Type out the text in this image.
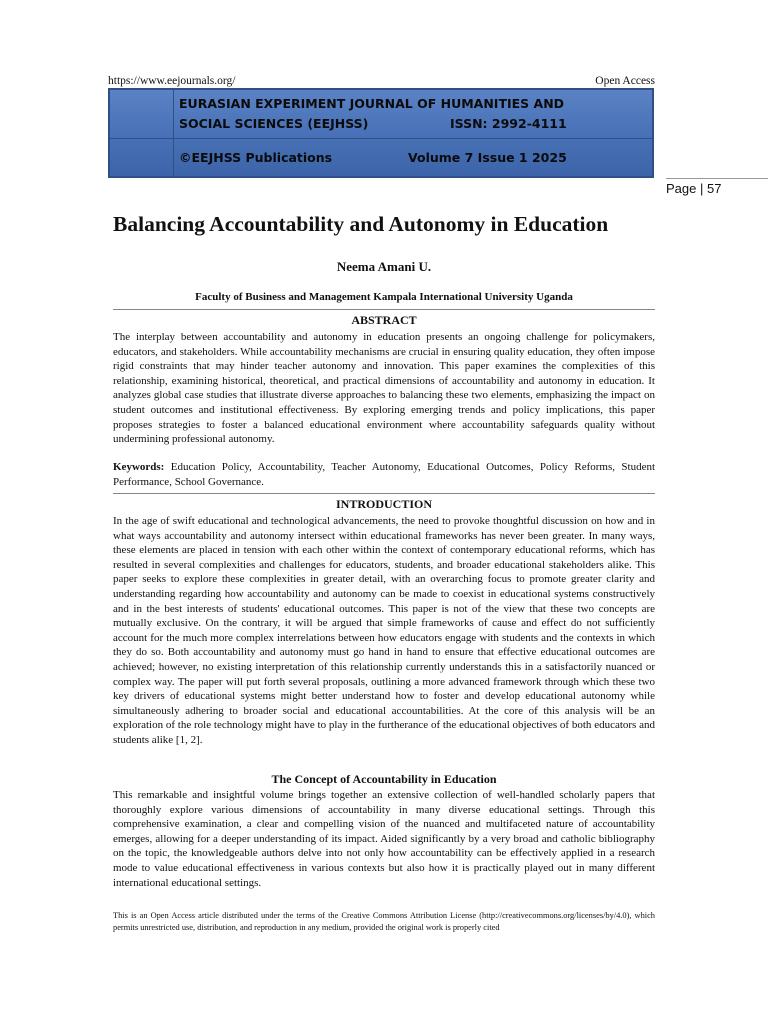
https://www.eejournals.org/	Open Access
EURASIAN EXPERIMENT JOURNAL OF HUMANITIES AND
SOCIAL SCIENCES (EEJHSS)	ISSN: 2992-4111
©EEJHSS Publications	Volume 7 Issue 1 2025
Page | 57
Balancing Accountability and Autonomy in Education
Neema Amani U.
Faculty of Business and Management Kampala International University Uganda
ABSTRACT
The interplay between accountability and autonomy in education presents an ongoing challenge for policymakers, educators, and stakeholders. While accountability mechanisms are crucial in ensuring quality education, they often impose rigid constraints that may hinder teacher autonomy and innovation. This paper examines the complexities of this relationship, examining historical, theoretical, and practical dimensions of accountability and autonomy in education. It analyzes global case studies that illustrate diverse approaches to balancing these two elements, emphasizing the impact on student outcomes and institutional effectiveness. By exploring emerging trends and policy implications, this paper proposes strategies to foster a balanced educational environment where accountability safeguards quality without undermining professional autonomy.
Keywords: Education Policy, Accountability, Teacher Autonomy, Educational Outcomes, Policy Reforms, Student Performance, School Governance.
INTRODUCTION
In the age of swift educational and technological advancements, the need to provoke thoughtful discussion on how and in what ways accountability and autonomy intersect within educational frameworks has never been greater. In many ways, these elements are placed in tension with each other within the context of contemporary educational reforms, which has resulted in several complexities and challenges for educators, students, and broader educational stakeholders alike. This paper seeks to explore these complexities in greater detail, with an overarching focus to promote greater clarity and understanding regarding how accountability and autonomy can be made to coexist in educational systems constructively and in the best interests of students' educational outcomes. This paper is not of the view that these two concepts are mutually exclusive. On the contrary, it will be argued that simple frameworks of cause and effect do not sufficiently account for the much more complex interrelations between how educators engage with students and the contexts in which they do so. Both accountability and autonomy must go hand in hand to ensure that effective educational outcomes are achieved; however, no existing interpretation of this relationship currently understands this in a satisfactorily nuanced or complex way. The paper will put forth several proposals, outlining a more advanced framework through which these two key drivers of educational systems might better understand how to foster and develop educational autonomy while simultaneously adhering to broader social and educational accountabilities. At the core of this analysis will be an exploration of the role technology might have to play in the furtherance of the educational objectives of both educators and students alike [1, 2].
The Concept of Accountability in Education
This remarkable and insightful volume brings together an extensive collection of well-handled scholarly papers that thoroughly explore various dimensions of accountability in many diverse educational settings. Through this comprehensive examination, a clear and compelling vision of the nuanced and multifaceted nature of accountability emerges, allowing for a deeper understanding of its impact. Aided significantly by a very broad and catholic bibliography on the topic, the knowledgeable authors delve into not only how accountability can be effectively applied in a research mode to value educational effectiveness in various contexts but also how it is practically played out in many different international educational settings.
This is an Open Access article distributed under the terms of the Creative Commons Attribution License (http://creativecommons.org/licenses/by/4.0), which permits unrestricted use, distribution, and reproduction in any medium, provided the original work is properly cited
